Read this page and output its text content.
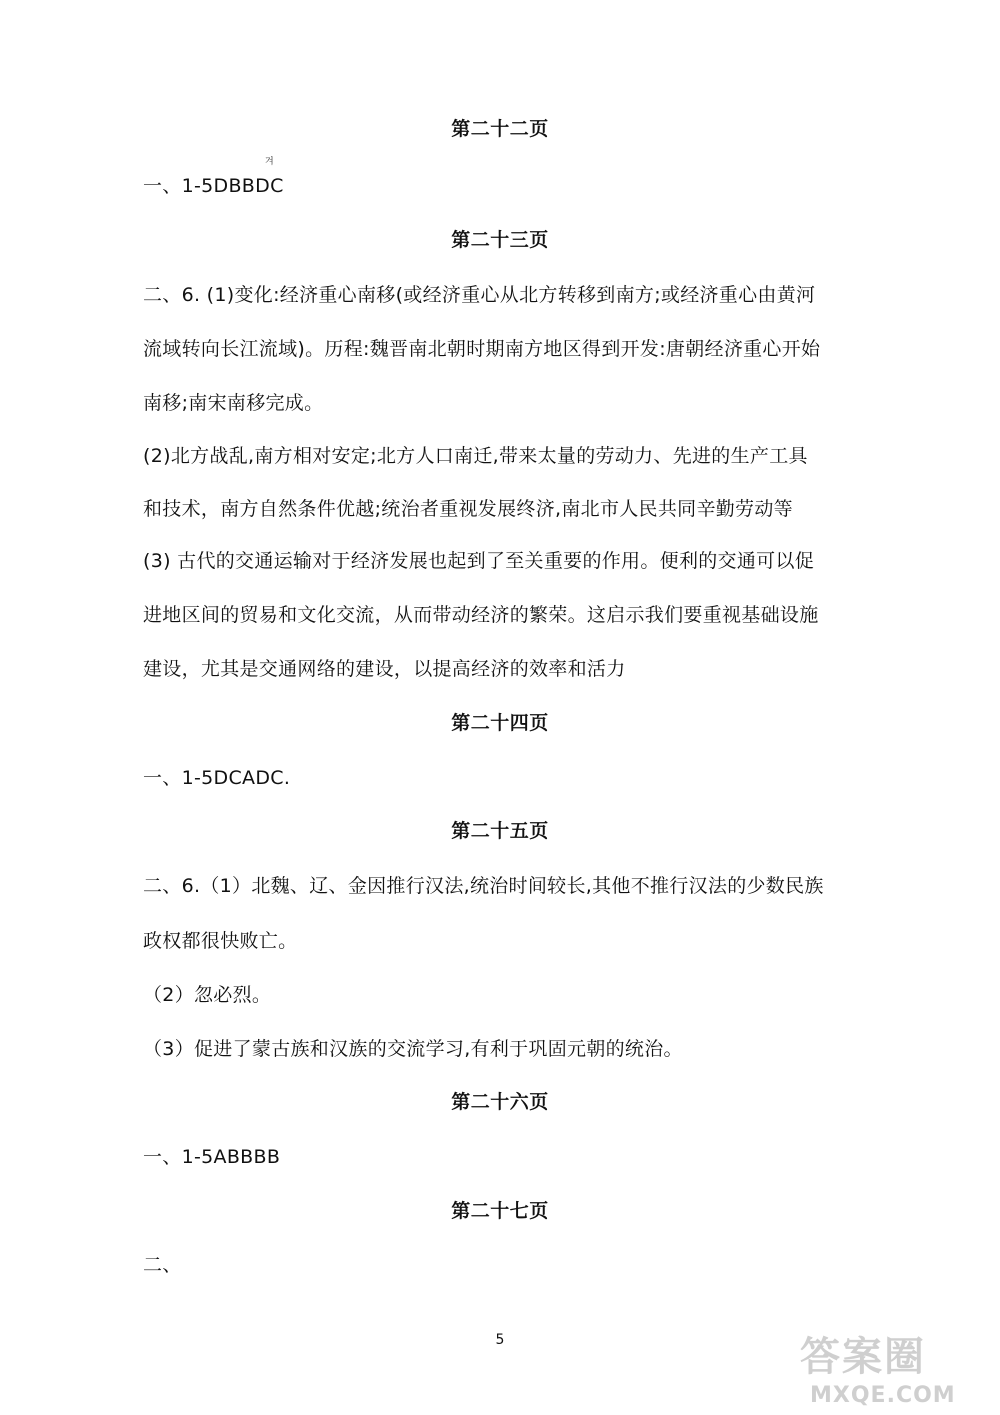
第二十二页
겨
一、1-5DBBDC
第二十三页
二、6. (1)变化:经济重心南移(或经济重心从北方转移到南方;或经济重心由黄河
流域转向长江流域)。历程:魏晋南北朝时期南方地区得到开发:唐朝经济重心开始
南移;南宋南移完成。
(2)北方战乱,南方相对安定;北方人口南迁,带来太量的劳动力、先进的生产工具
和技术，南方自然条件优越;统治者重视发展终济,南北市人民共同辛勤劳动等
(3) 古代的交通运输对于经济发展也起到了至关重要的作用。便利的交通可以促
进地区间的贸易和文化交流，从而带动经济的繁荣。这启示我们要重视基础设施
建设，尤其是交通网络的建设，以提高经济的效率和活力
第二十四页
一、1-5DCADC.
第二十五页
二、6.（1）北魏、辽、金因推行汉法,统治时间较长,其他不推行汉法的少数民族
政权都很快败亡。
（2）忽必烈。
（3）促进了蒙古族和汉族的交流学习,有利于巩固元朝的统治。
第二十六页
一、1-5ABBBB
第二十七页
二、
5	答案圈
MXQE.COM
